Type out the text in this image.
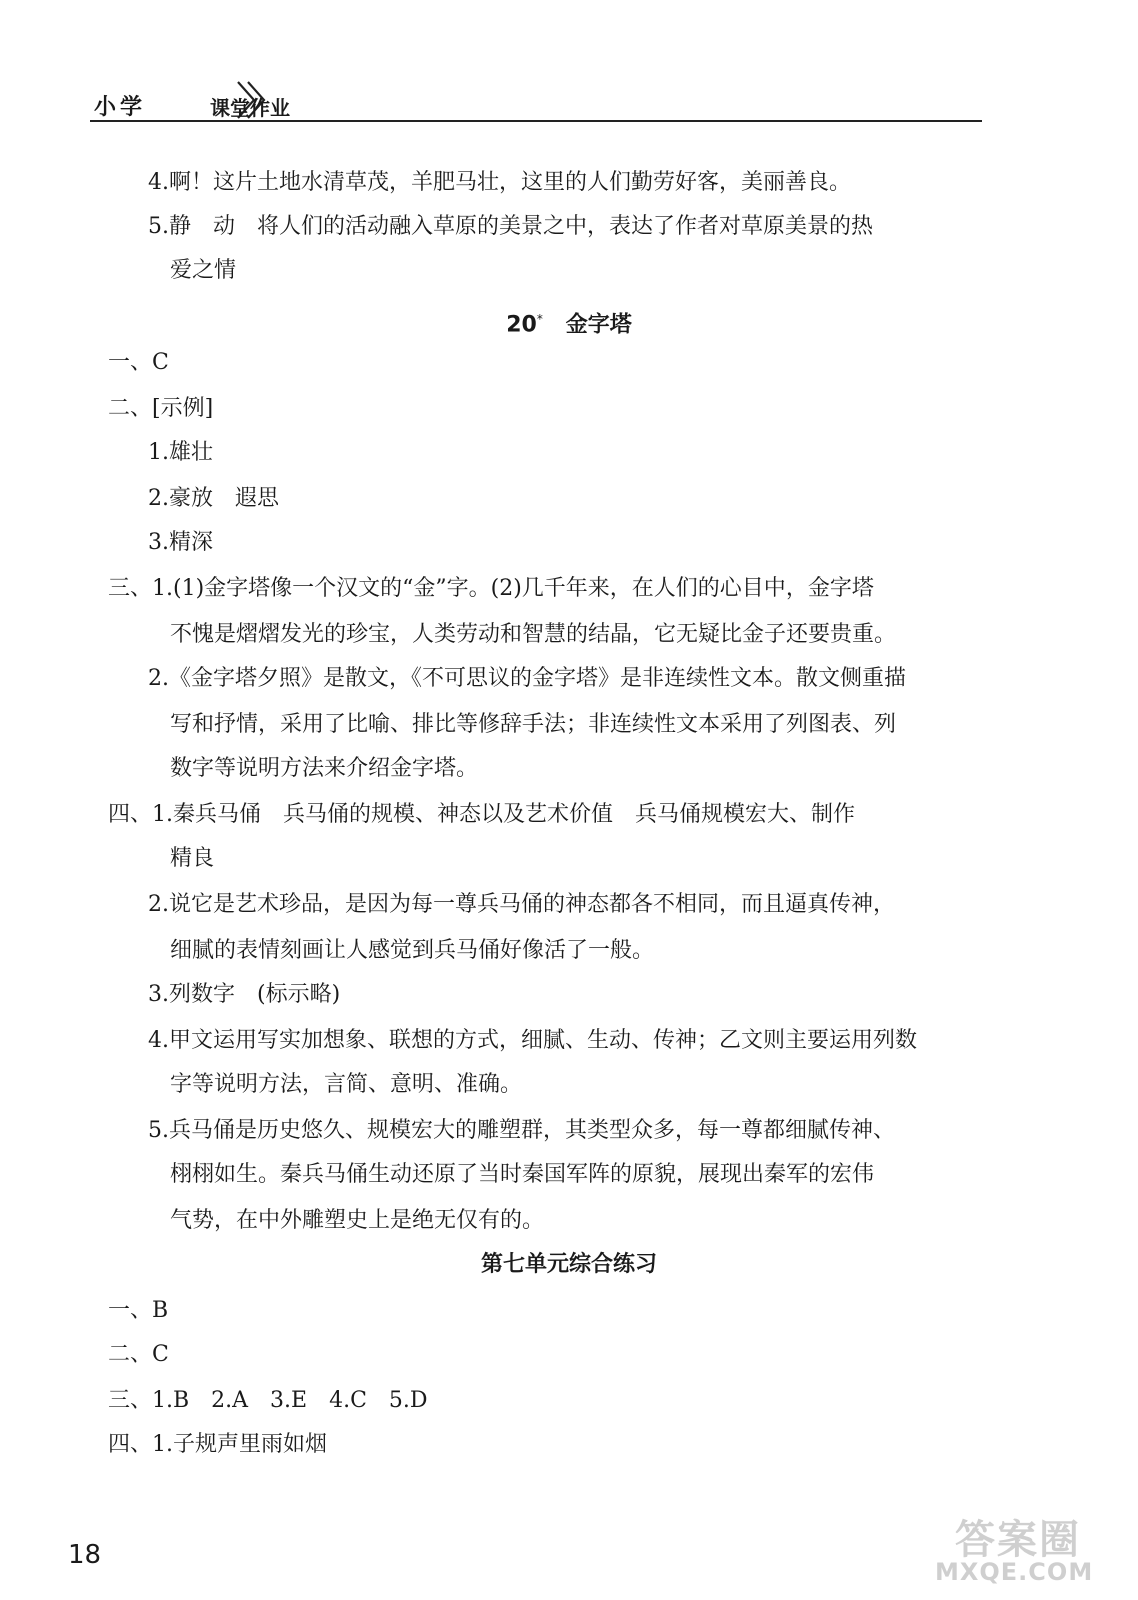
小学	课堂作业
4.啊！这片土地水清草茂，羊肥马壮，这里的人们勤劳好客，美丽善良。
5.静　动　将人们的活动融入草原的美景之中，表达了作者对草原美景的热
爱之情
20* 金字塔
一、C
二、[示例]
1.雄壮
2.豪放　遐思
3.精深
三、1.(1)金字塔像一个汉文的“金”字。(2)几千年来，在人们的心目中，金字塔
不愧是熠熠发光的珍宝，人类劳动和智慧的结晶，它无疑比金子还要贵重。
2.《金字塔夕照》是散文，《不可思议的金字塔》是非连续性文本。散文侧重描
写和抒情，采用了比喻、排比等修辞手法；非连续性文本采用了列图表、列
数字等说明方法来介绍金字塔。
四、1.秦兵马俑　兵马俑的规模、神态以及艺术价值　兵马俑规模宏大、制作
精良
2.说它是艺术珍品，是因为每一尊兵马俑的神态都各不相同，而且逼真传神，
细腻的表情刻画让人感觉到兵马俑好像活了一般。
3.列数字　(标示略)
4.甲文运用写实加想象、联想的方式，细腻、生动、传神；乙文则主要运用列数
字等说明方法，言简、意明、准确。
5.兵马俑是历史悠久、规模宏大的雕塑群，其类型众多，每一尊都细腻传神、
栩栩如生。秦兵马俑生动还原了当时秦国军阵的原貌，展现出秦军的宏伟
气势，在中外雕塑史上是绝无仅有的。
第七单元综合练习
一、B
二、C
三、1.B　2.A　3.E　4.C　5.D
四、1.子规声里雨如烟
18	答案圈
MXQE.COM
